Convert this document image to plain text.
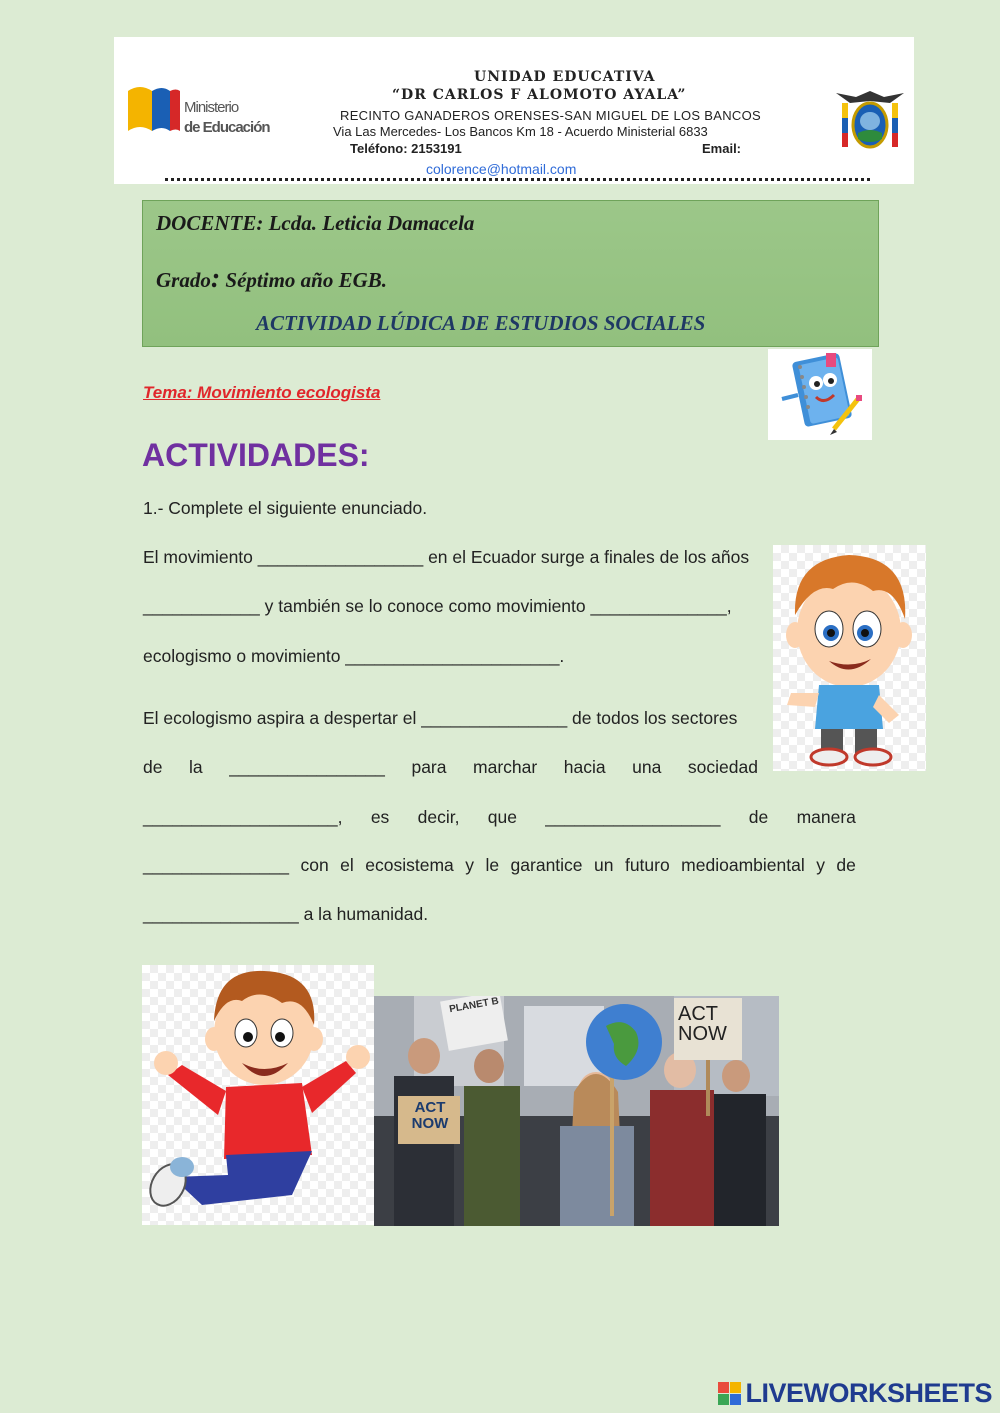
Ministerio
de Educación
UNIDAD EDUCATIVA
“DR CARLOS F ALOMOTO AYALA”
RECINTO GANADEROS ORENSES-SAN MIGUEL DE LOS BANCOS
Via Las Mercedes- Los Bancos Km 18 - Acuerdo Ministerial 6833
Teléfono: 2153191	Email:
colorence@hotmail.com
DOCENTE: Lcda. Leticia Damacela
Grado: Séptimo año EGB.
ACTIVIDAD LÚDICA DE ESTUDIOS SOCIALES
Tema: Movimiento ecologista
ACTIVIDADES:
1.- Complete el siguiente enunciado.
El movimiento _________________ en el Ecuador surge a finales de los años
____________ y también se lo conoce como movimiento ______________,
ecologismo o movimiento ______________________.
El ecologismo aspira a despertar el _______________ de todos los sectores
de la ________________ para marchar hacia una sociedad
____________________, es decir, que __________________ de manera
_______________ con el ecosistema y le garantice un futuro medioambiental y de
________________ a la humanidad.
ACT NOW
ACT
NOW
PLANET B
LIVEWORKSHEETS
